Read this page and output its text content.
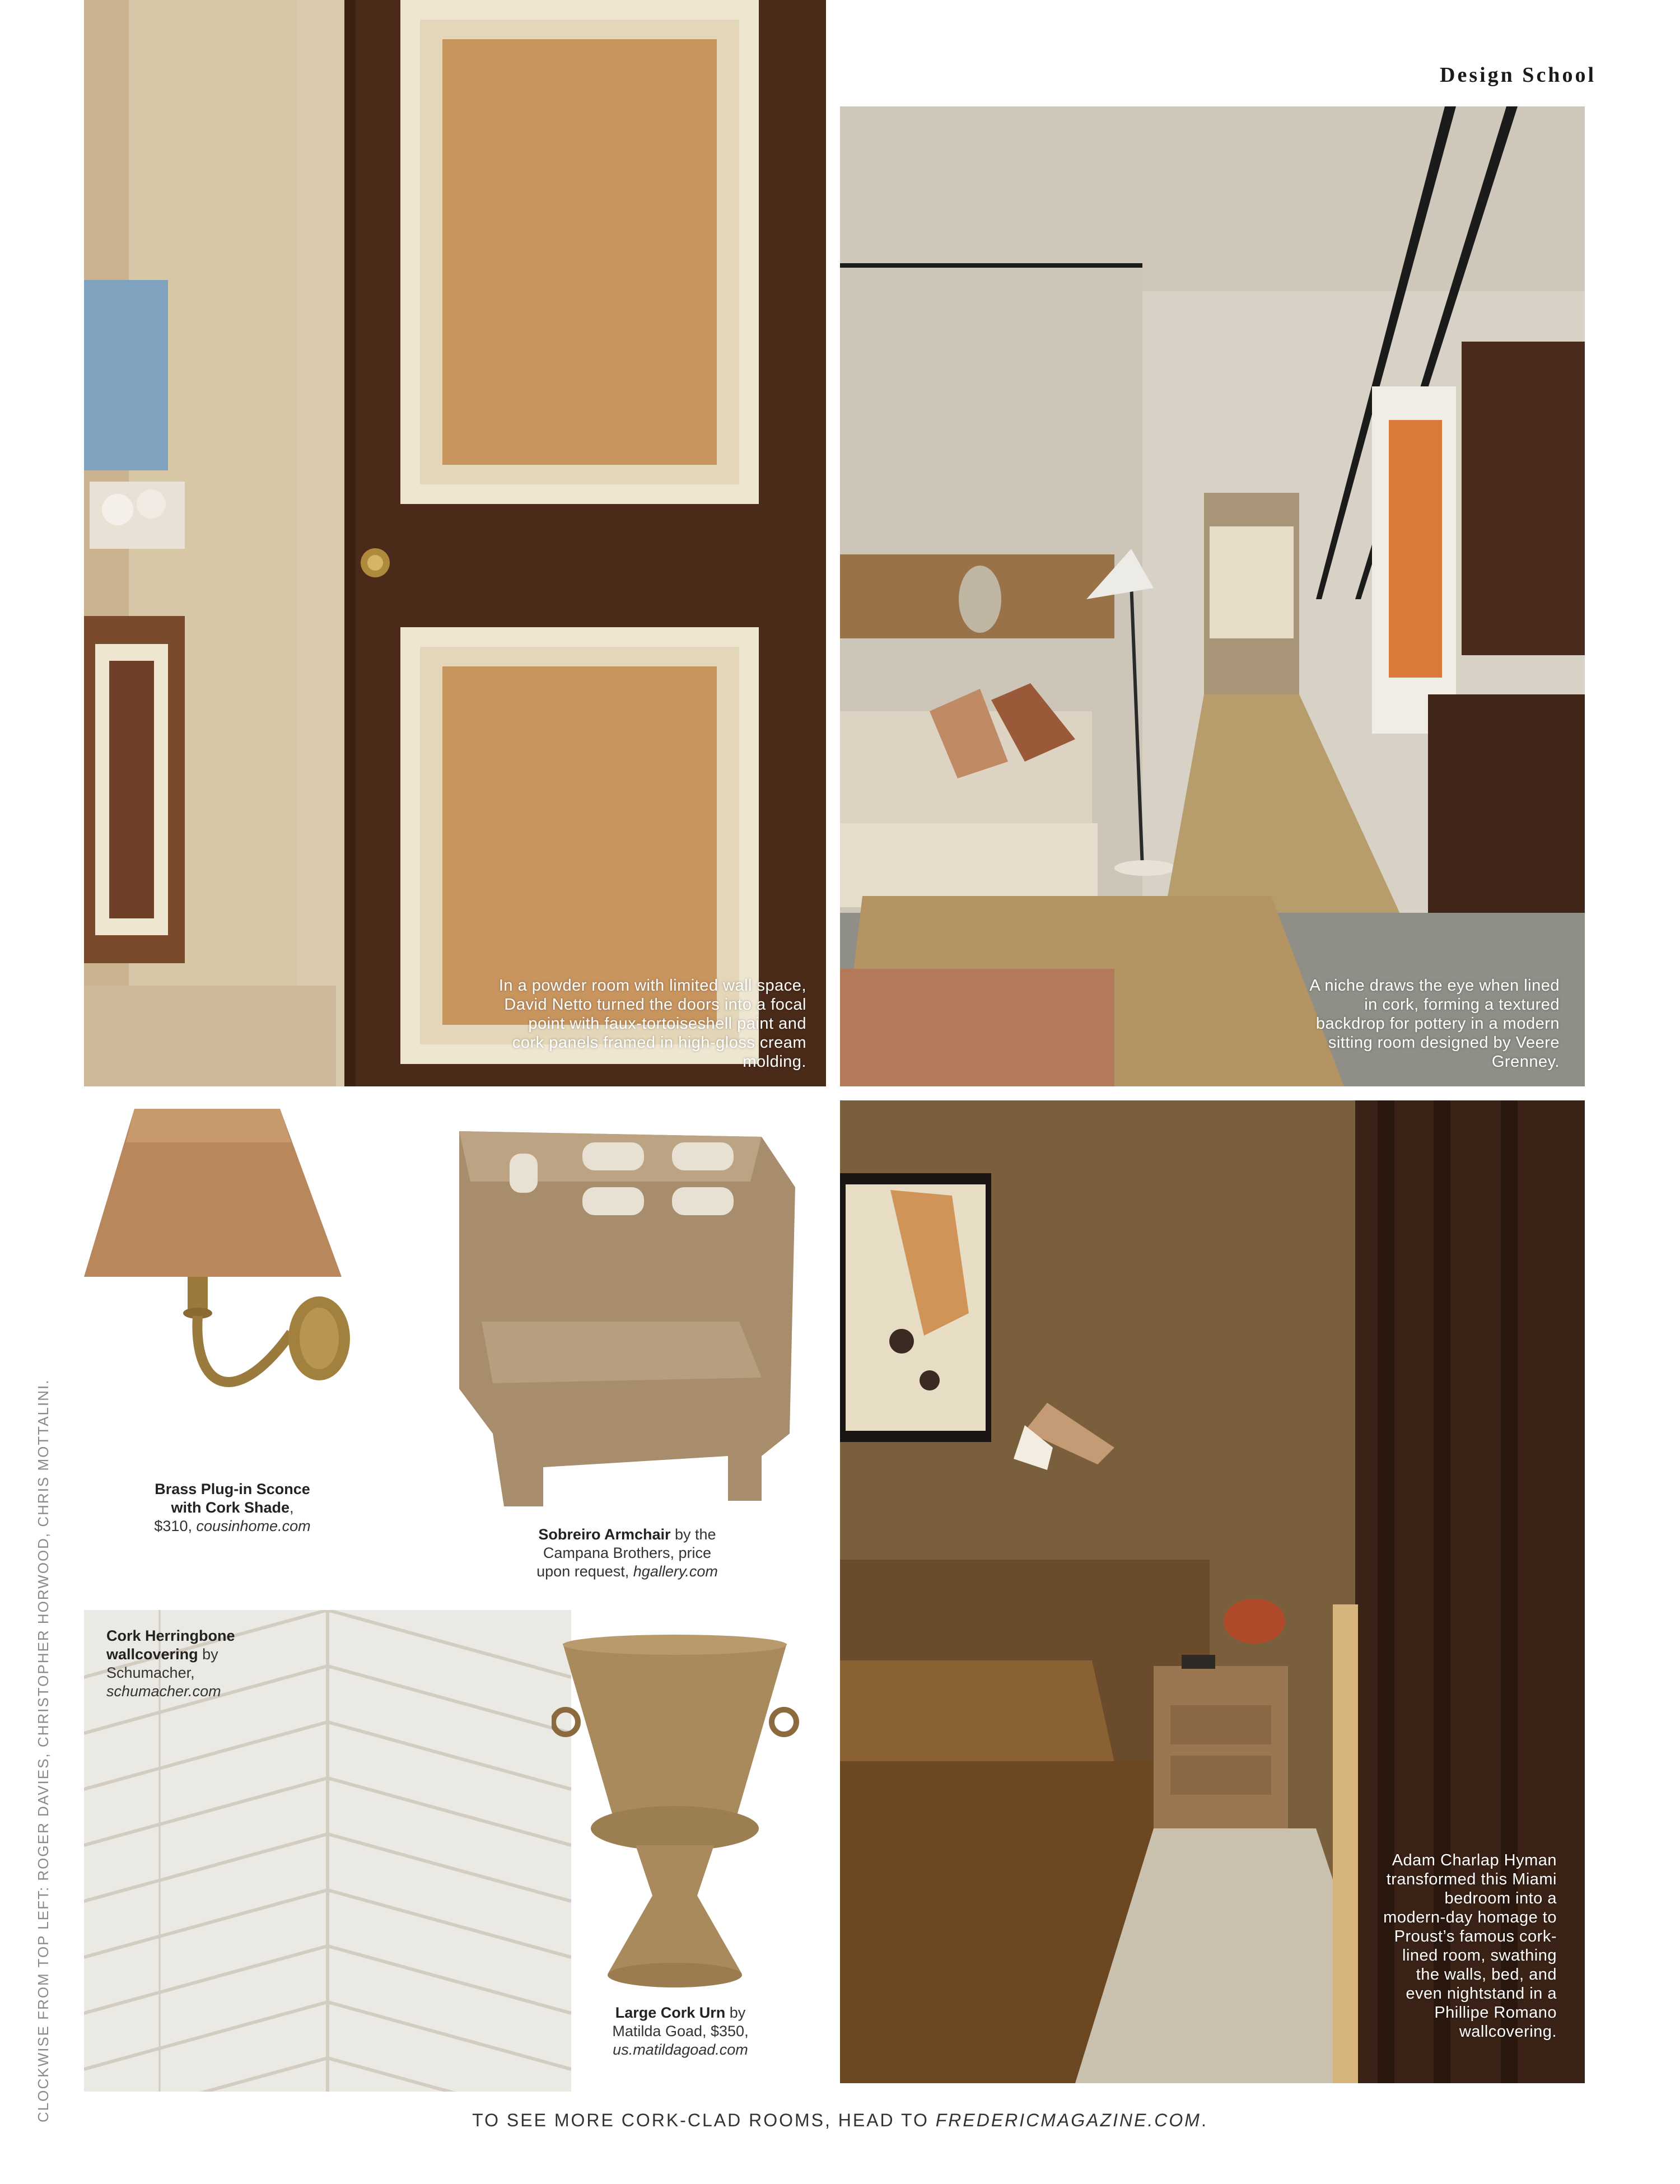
Design School
In a powder room with limited wall space, David Netto turned the doors into a focal point with faux-tortoiseshell paint and cork panels framed in high-gloss cream molding.
A niche draws the eye when lined in cork, forming a textured backdrop for pottery in a modern sitting room designed by Veere Grenney.
Adam Charlap Hyman transformed this Miami bedroom into a modern-day homage to Proust’s famous cork-lined room, swathing the walls, bed, and even nightstand in a Phillipe Romano wallcovering.
Brass Plug-in Sconce
with Cork Shade,
$310, cousinhome.com	Sobreiro Armchair by the
Campana Brothers, price
upon request, hgallery.com
Cork Herringbone
wallcovering by
Schumacher,
schumacher.com
Large Cork Urn by
Matilda Goad, $350,
us.matildagoad.com
CLOCKWISE FROM TOP LEFT: ROGER DAVIES, CHRISTOPHER HORWOOD, CHRIS MOTTALINI.	TO SEE MORE CORK-CLAD ROOMS, HEAD TO FREDERICMAGAZINE.COM.
